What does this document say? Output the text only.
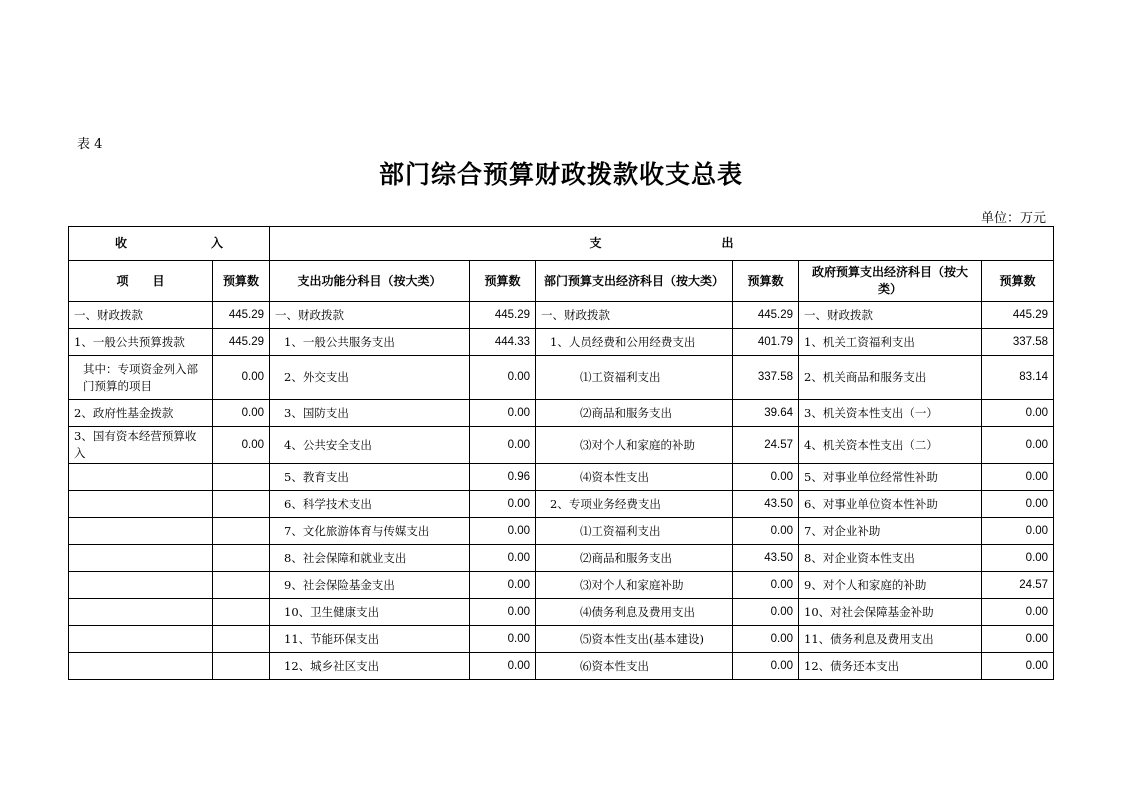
表 4
部门综合预算财政拨款收支总表
单位：万元
收　　　　　　　入		支　　　　　　　　　　出					
项　　目	预算数	支出功能分科目（按大类）	预算数	部门预算支出经济科目（按大类）	预算数	政府预算支出经济科目（按大类）	预算数
一、财政拨款	445.29	一、财政拨款	445.29	一、财政拨款	445.29	一、财政拨款	445.29
1、一般公共预算拨款	445.29	1、一般公共服务支出	444.33	1、人员经费和公用经费支出	401.79	1、机关工资福利支出	337.58
其中：专项资金列入部门预算的项目	0.00	2、外交支出	0.00	⑴工资福利支出	337.58	2、机关商品和服务支出	83.14
2、政府性基金拨款	0.00	3、国防支出	0.00	⑵商品和服务支出	39.64	3、机关资本性支出（一）	0.00
3、国有资本经营预算收入	0.00	4、公共安全支出	0.00	⑶对个人和家庭的补助	24.57	4、机关资本性支出（二）	0.00
		5、教育支出	0.96	⑷资本性支出	0.00	5、对事业单位经常性补助	0.00
		6、科学技术支出	0.00	2、专项业务经费支出	43.50	6、对事业单位资本性补助	0.00
		7、文化旅游体育与传媒支出	0.00	⑴工资福利支出	0.00	7、对企业补助	0.00
		8、社会保障和就业支出	0.00	⑵商品和服务支出	43.50	8、对企业资本性支出	0.00
		9、社会保险基金支出	0.00	⑶对个人和家庭补助	0.00	9、对个人和家庭的补助	24.57
		10、卫生健康支出	0.00	⑷债务利息及费用支出	0.00	10、对社会保障基金补助	0.00
		11、节能环保支出	0.00	⑸资本性支出(基本建设)	0.00	11、债务利息及费用支出	0.00
		12、城乡社区支出	0.00	⑹资本性支出	0.00	12、债务还本支出	0.00
